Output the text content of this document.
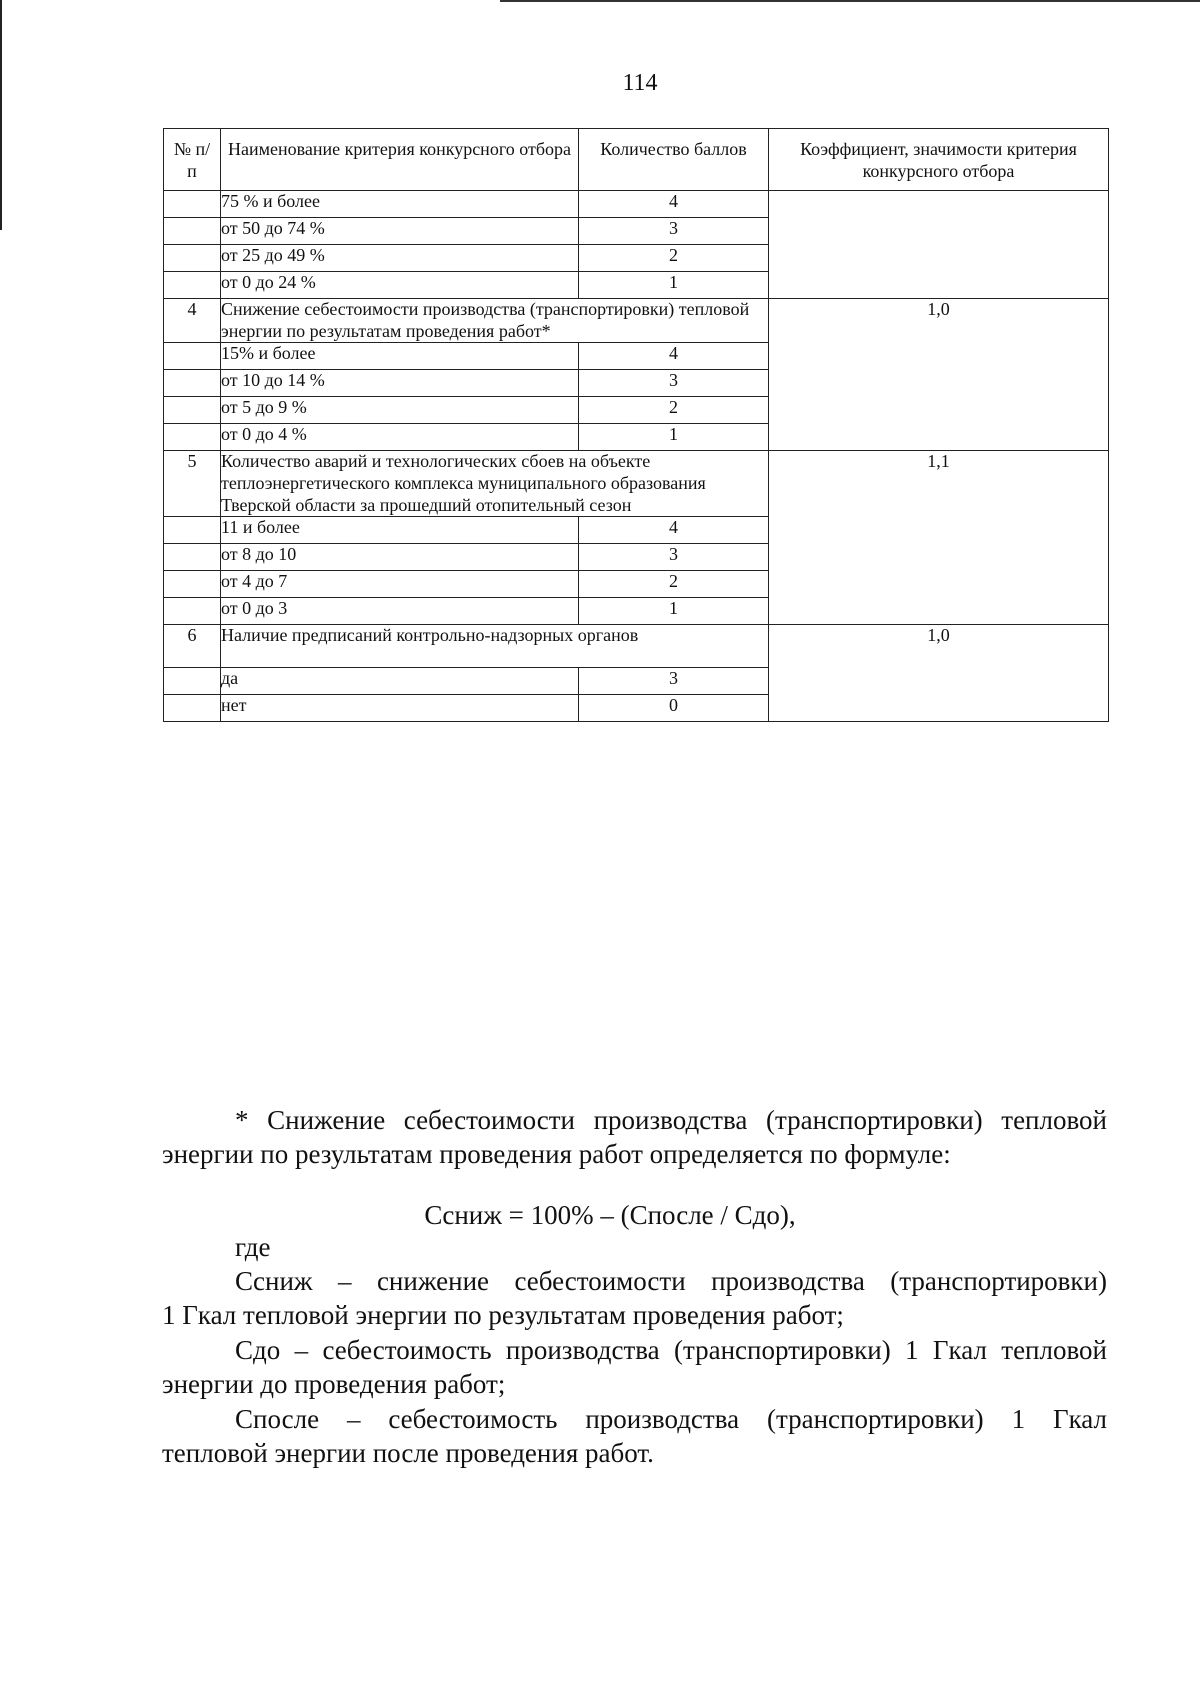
114
№ п/п	Наименование критерия конкурсного отбора	Количество баллов	Коэффициент, значимости критерия конкурсного отбора
	75 % и более	4	
	от 50 до 74 %	3	
	от 25 до 49 %	2	
	от 0 до 24 %	1	
4	Снижение себестоимости производства (транспортировки) тепловой энергии по результатам проведения работ*		1,0
	15% и более	4	
	от 10 до 14 %	3	
	от 5 до 9 %	2	
	от 0 до 4 %	1	
5	Количество аварий и технологических сбоев на объекте теплоэнергетического комплекса муниципального образования Тверской области за прошедший отопительный сезон		1,1
	11 и более	4	
	от 8 до 10	3	
	от 4 до 7	2	
	от 0 до 3	1	
6	Наличие предписаний контрольно-надзорных органов		1,0
	да	3	
	нет	0	
* Снижение себестоимости производства (транспортировки) тепловой
энергии по результатам проведения работ определяется по формуле:
Сcниж = 100% – (Спосле / Сдо),
где
Сcниж – снижение себестоимости производства (транспортировки)
1 Гкал тепловой энергии по результатам проведения работ;
Сдо – себестоимость производства (транспортировки) 1 Гкал тепловой
энергии до проведения работ;
Спосле – себестоимость производства (транспортировки) 1 Гкал
тепловой энергии после проведения работ.
